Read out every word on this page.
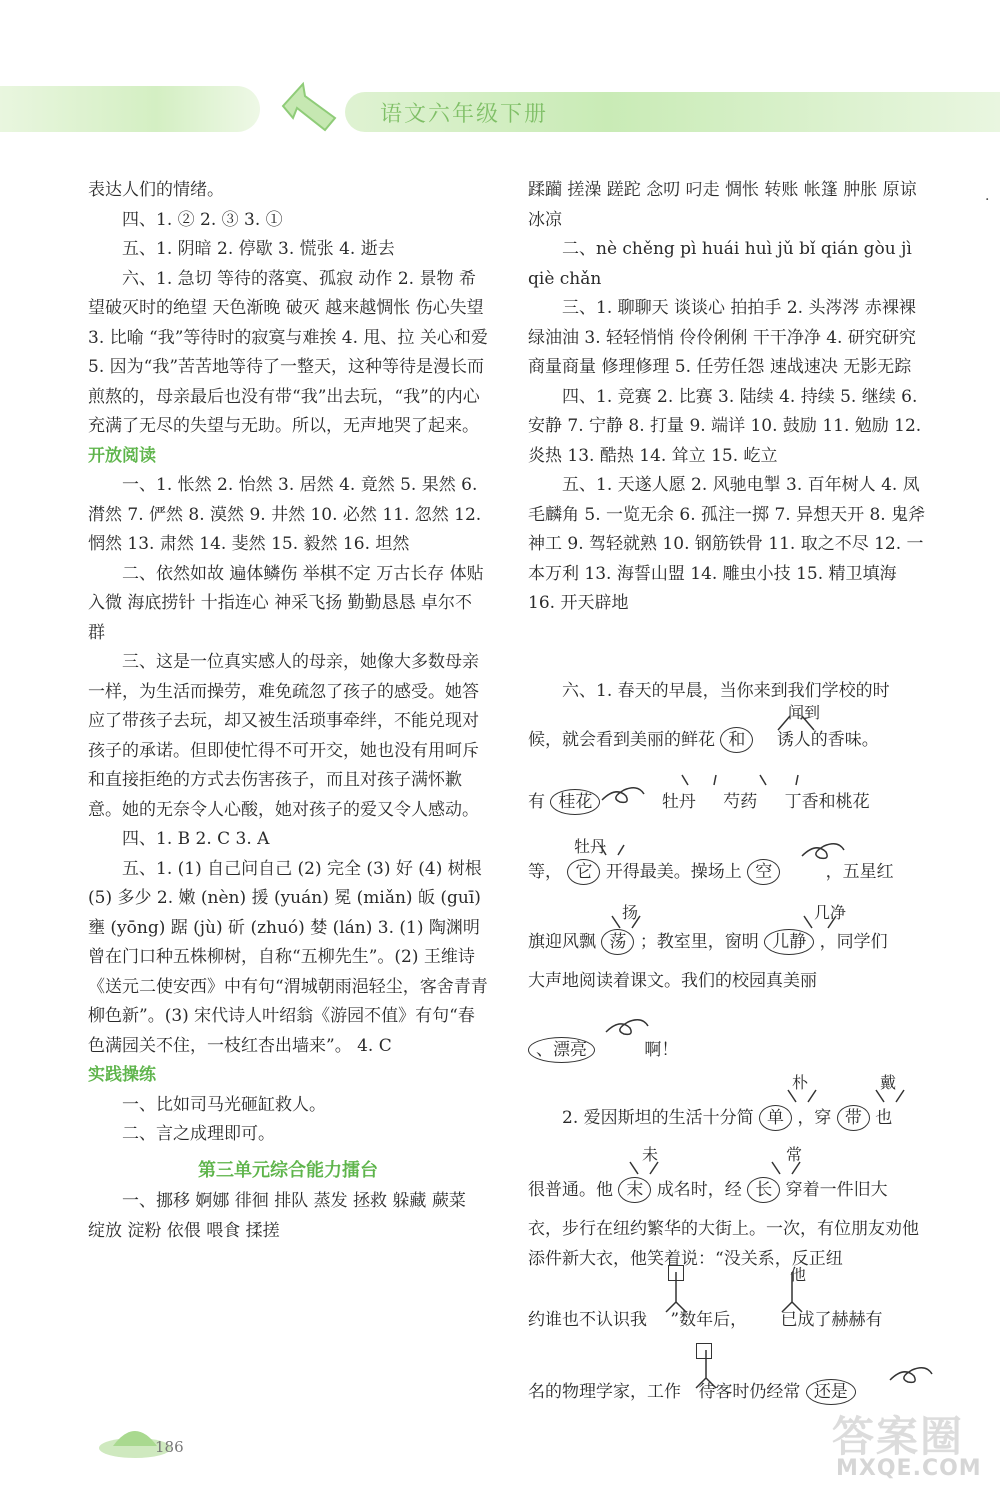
语文六年级下册

表达人们的情绪。

四、1. ② 2. ③ 3. ①

五、1. 阴暗 2. 停歇 3. 慌张 4. 逝去

六、1. 急切 等待的落寞、孤寂 动作 2. 景物 希望破灭时的绝望 天色渐晚 破灭 越来越惆怅 伤心失望 3. 比喻 “我”等待时的寂寞与难挨 4. 甩、拉 关心和爱 5. 因为“我”苦苦地等待了一整天，这种等待是漫长而煎熬的，母亲最后也没有带“我”出去玩，“我”的内心充满了无尽的失望与无助。所以，无声地哭了起来。

开放阅读

一、1. 怅然 2. 怡然 3. 居然 4. 竟然 5. 果然 6. 潸然 7. 俨然 8. 漠然 9. 井然 10. 必然 11. 忽然 12. 惘然 13. 肃然 14. 斐然 15. 毅然 16. 坦然

二、依然如故 遍体鳞伤 举棋不定 万古长存 体贴入微 海底捞针 十指连心 神采飞扬 勤勤恳恳 卓尔不群

三、这是一位真实感人的母亲，她像大多数母亲一样，为生活而操劳，难免疏忽了孩子的感受。她答应了带孩子去玩，却又被生活琐事牵绊，不能兑现对孩子的承诺。但即使忙得不可开交，她也没有用呵斥和直接拒绝的方式去伤害孩子，而且对孩子满怀歉意。她的无奈令人心酸，她对孩子的爱又令人感动。

四、1. B 2. C 3. A

五、1. (1) 自己问自己 (2) 完全 (3) 好 (4) 树根 (5) 多少 2. 嫩 (nèn) 援 (yuán) 冕 (miǎn) 皈 (guī) 壅 (yōng) 踞 (jù) 斫 (zhuó) 婪 (lán) 3. (1) 陶渊明曾在门口种五株柳树，自称“五柳先生”。(2) 王维诗《送元二使安西》中有句“渭城朝雨浥轻尘，客舍青青柳色新”。(3) 宋代诗人叶绍翁《游园不值》有句“春色满园关不住，一枝红杏出墙来”。 4. C

实践操练

一、比如司马光砸缸救人。

二、言之成理即可。

第三单元综合能力擂台

一、挪移 婀娜 徘徊 排队 蒸发 拯救 躲藏 蕨菜 绽放 淀粉 依偎 喂食 揉搓

蹂躏 搓澡 蹉跎 念叨 叼走 惆怅 转账 帐篷 肿胀 原谅 冰凉

二、nè chěng pì huái huì jǔ bǐ qián gòu jì qiè chǎn

三、1. 聊聊天 谈谈心 拍拍手 2. 头涔涔 赤裸裸 绿油油 3. 轻轻悄悄 伶伶俐俐 干干净净 4. 研究研究 商量商量 修理修理 5. 任劳任怨 速战速决 无影无踪

四、1. 竞赛 2. 比赛 3. 陆续 4. 持续 5. 继续 6. 安静 7. 宁静 8. 打量 9. 端详 10. 鼓励 11. 勉励 12. 炎热 13. 酷热 14. 耸立 15. 屹立

五、1. 天遂人愿 2. 风驰电掣 3. 百年树人 4. 凤毛麟角 5. 一览无余 6. 孤注一掷 7. 异想天开 8. 鬼斧神工 9. 驾轻就熟 10. 钢筋铁骨 11. 取之不尽 12. 一本万利 13. 海誓山盟 14. 雕虫小技 15. 精卫填海 16. 开天辟地

六、1. 春天的早晨，当你来到我们学校的时
候，就会看到美丽的鲜花 和 诱人的香味。
闻到
有 桂花	牡丹 芍药 丁香和桃花
等， 它 开得最美。操场上 空	，五星红
牡丹
旗迎风飘 荡 ；教室里，窗明 儿静 ，同学们
扬	几净
大声地阅读着课文。我们的校园真美丽
、漂亮	啊！
2. 爱因斯坦的生活十分简 单 ，穿 带 也
朴	戴
很普通。他 末 成名时，经 长 穿着一件旧大
未	常
衣，步行在纽约繁华的大街上。一次，有位朋友劝他添件新大衣，他笑着说：“没关系，反正纽
约谁也不认识我 ”数年后， 已成了赫赫有
他
名的物理学家，工作 待客时仍经常 还是
186	答案圈
MXQE.COM
·
